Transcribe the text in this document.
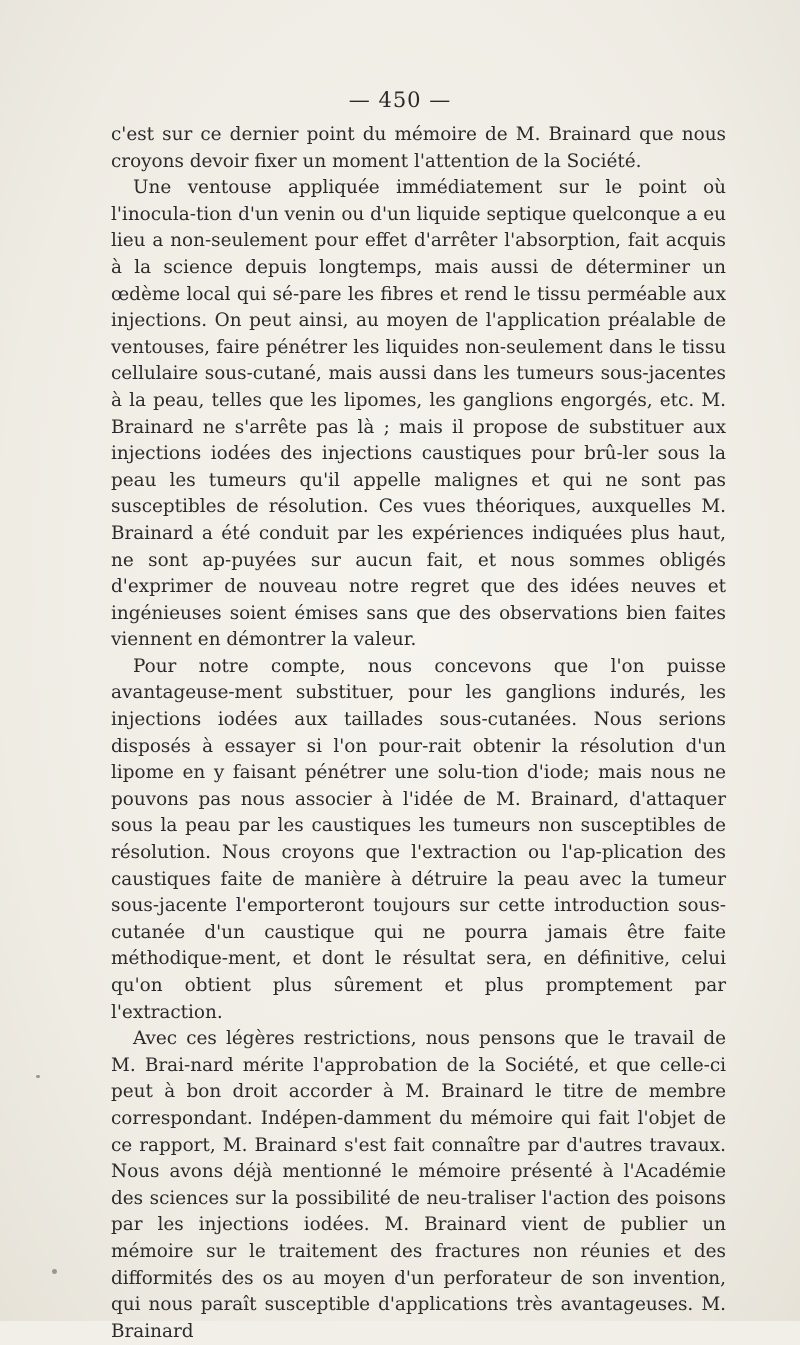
— 450 —

c'est sur ce dernier point du mémoire de M. Brainard que nous croyons devoir fixer un moment l'attention de la Société.

Une ventouse appliquée immédiatement sur le point où l'inocula-tion d'un venin ou d'un liquide septique quelconque a eu lieu a non-seulement pour effet d'arrêter l'absorption, fait acquis à la science depuis longtemps, mais aussi de déterminer un œdème local qui sé-pare les fibres et rend le tissu perméable aux injections. On peut ainsi, au moyen de l'application préalable de ventouses, faire pénétrer les liquides non-seulement dans le tissu cellulaire sous-cutané, mais aussi dans les tumeurs sous-jacentes à la peau, telles que les lipomes, les ganglions engorgés, etc. M. Brainard ne s'arrête pas là ; mais il propose de substituer aux injections iodées des injections caustiques pour brû-ler sous la peau les tumeurs qu'il appelle malignes et qui ne sont pas susceptibles de résolution. Ces vues théoriques, auxquelles M. Brainard a été conduit par les expériences indiquées plus haut, ne sont ap-puyées sur aucun fait, et nous sommes obligés d'exprimer de nouveau notre regret que des idées neuves et ingénieuses soient émises sans que des observations bien faites viennent en démontrer la valeur.

Pour notre compte, nous concevons que l'on puisse avantageuse-ment substituer, pour les ganglions indurés, les injections iodées aux taillades sous-cutanées. Nous serions disposés à essayer si l'on pour-rait obtenir la résolution d'un lipome en y faisant pénétrer une solu-tion d'iode; mais nous ne pouvons pas nous associer à l'idée de M. Brainard, d'attaquer sous la peau par les caustiques les tumeurs non susceptibles de résolution. Nous croyons que l'extraction ou l'ap-plication des caustiques faite de manière à détruire la peau avec la tumeur sous-jacente l'emporteront toujours sur cette introduction sous-cutanée d'un caustique qui ne pourra jamais être faite méthodique-ment, et dont le résultat sera, en définitive, celui qu'on obtient plus sûrement et plus promptement par l'extraction.

Avec ces légères restrictions, nous pensons que le travail de M. Brai-nard mérite l'approbation de la Société, et que celle-ci peut à bon droit accorder à M. Brainard le titre de membre correspondant. Indépen-damment du mémoire qui fait l'objet de ce rapport, M. Brainard s'est fait connaître par d'autres travaux. Nous avons déjà mentionné le mémoire présenté à l'Académie des sciences sur la possibilité de neu-traliser l'action des poisons par les injections iodées. M. Brainard vient de publier un mémoire sur le traitement des fractures non réunies et des difformités des os au moyen d'un perforateur de son invention, qui nous paraît susceptible d'applications très avantageuses. M. Brainard
